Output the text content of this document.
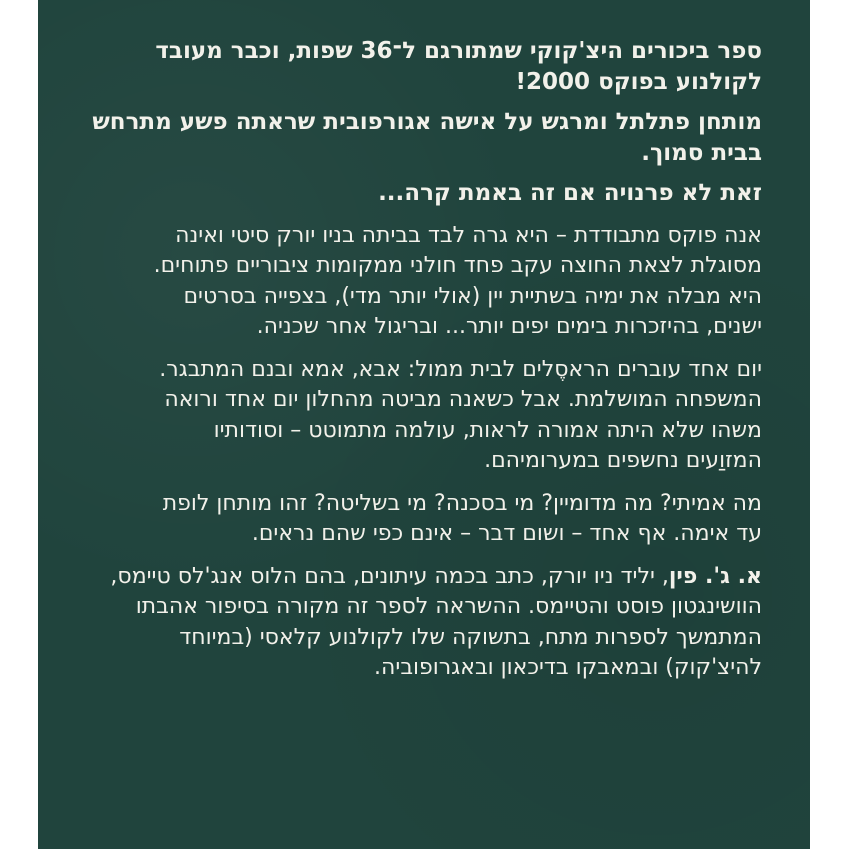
ספר ביכורים היצ'קוקי שמתורגם ל־36 שפות, וכבר מעובד
לקולנוע בפוקס 2000!
מותחן פתלתל ומרגש על אישה אגורפובית שראתה פשע מתרחש
בבית סמוך.
זאת לא פרנויה אם זה באמת קרה...
אנה פוקס מתבודדת – היא גרה לבד בביתה בניו יורק סיטי ואינה
מסוגלת לצאת החוצה עקב פחד חולני ממקומות ציבוריים פתוחים.
היא מבלה את ימיה בשתיית יין (אולי יותר מדי), בצפייה בסרטים
ישנים, בהיזכרות בימים יפים יותר... ובריגול אחר שכניה.
יום אחד עוברים הראסֶלים לבית ממול: אבא, אמא ובנם המתבגר.
המשפחה המושלמת. אבל כשאנה מביטה מהחלון יום אחד ורואה
משהו שלא היתה אמורה לראות, עולמה מתמוטט – וסודותיו
המזוַעים נחשפים במערומיהם.
מה אמיתי? מה מדומיין? מי בסכנה? מי בשליטה? זהו מותחן לופת
עד אימה. אף אחד – ושום דבר – אינם כפי שהם נראים.
א. ג'. פין, יליד ניו יורק, כתב בכמה עיתונים, בהם הלוס אנג'לס טיימס,
הוושינגטון פוסט והטיימס. ההשראה לספר זה מקורה בסיפור אהבתו
המתמשך לספרות מתח, בתשוקה שלו לקולנוע קלאסי (במיוחד
להיצ'קוק) ובמאבקו בדיכאון ובאגרופוביה.
